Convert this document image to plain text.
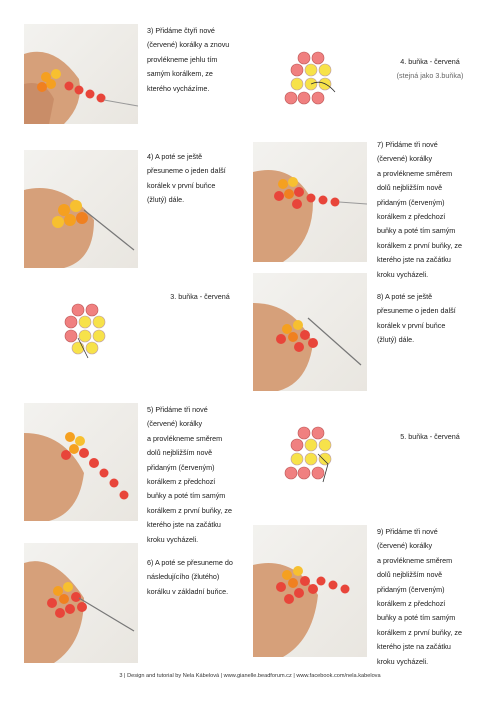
3) Přidáme čtyři nové
(červené) korálky a znovu
provlékneme jehlu tím
samým korálkem, ze
kterého vycházíme.
4. buňka - červená
(stejná jako 3.buňka)
4) A poté se ještě
přesuneme o jeden další
korálek v první buňce
(žlutý) dále.
7) Přidáme tři nové
(červené) korálky
a provlékneme směrem
dolů nejbližším nově
přidaným (červeným)
korálkem z předchozí
buňky a poté tím samým
korálkem z první buňky, ze
kterého jste na začátku
kroku vycházeli.
3. buňka - červená	8) A poté se ještě
přesuneme o jeden další
korálek v první buňce
(žlutý) dále.
5) Přidáme tři nové
(červené) korálky
a provlékneme směrem
dolů nejbližším nově
přidaným (červeným)
korálkem z předchozí
buňky a poté tím samým
korálkem z první buňky, ze
kterého jste na začátku
kroku vycházeli.
5. buňka - červená
6) A poté se přesuneme do
následujícího (žlutého)
korálku v základní buňce.
9) Přidáme tři nové
(červené) korálky
a provlékneme směrem
dolů nejbližším nově
přidaným (červeným)
korálkem z předchozí
buňky a poté tím samým
korálkem z první buňky, ze
kterého jste na začátku
kroku vycházeli.
3 | Design and tutorial by Nela Kábelová | www.gianelle.beadforum.cz | www.facebook.com/nela.kabelova
